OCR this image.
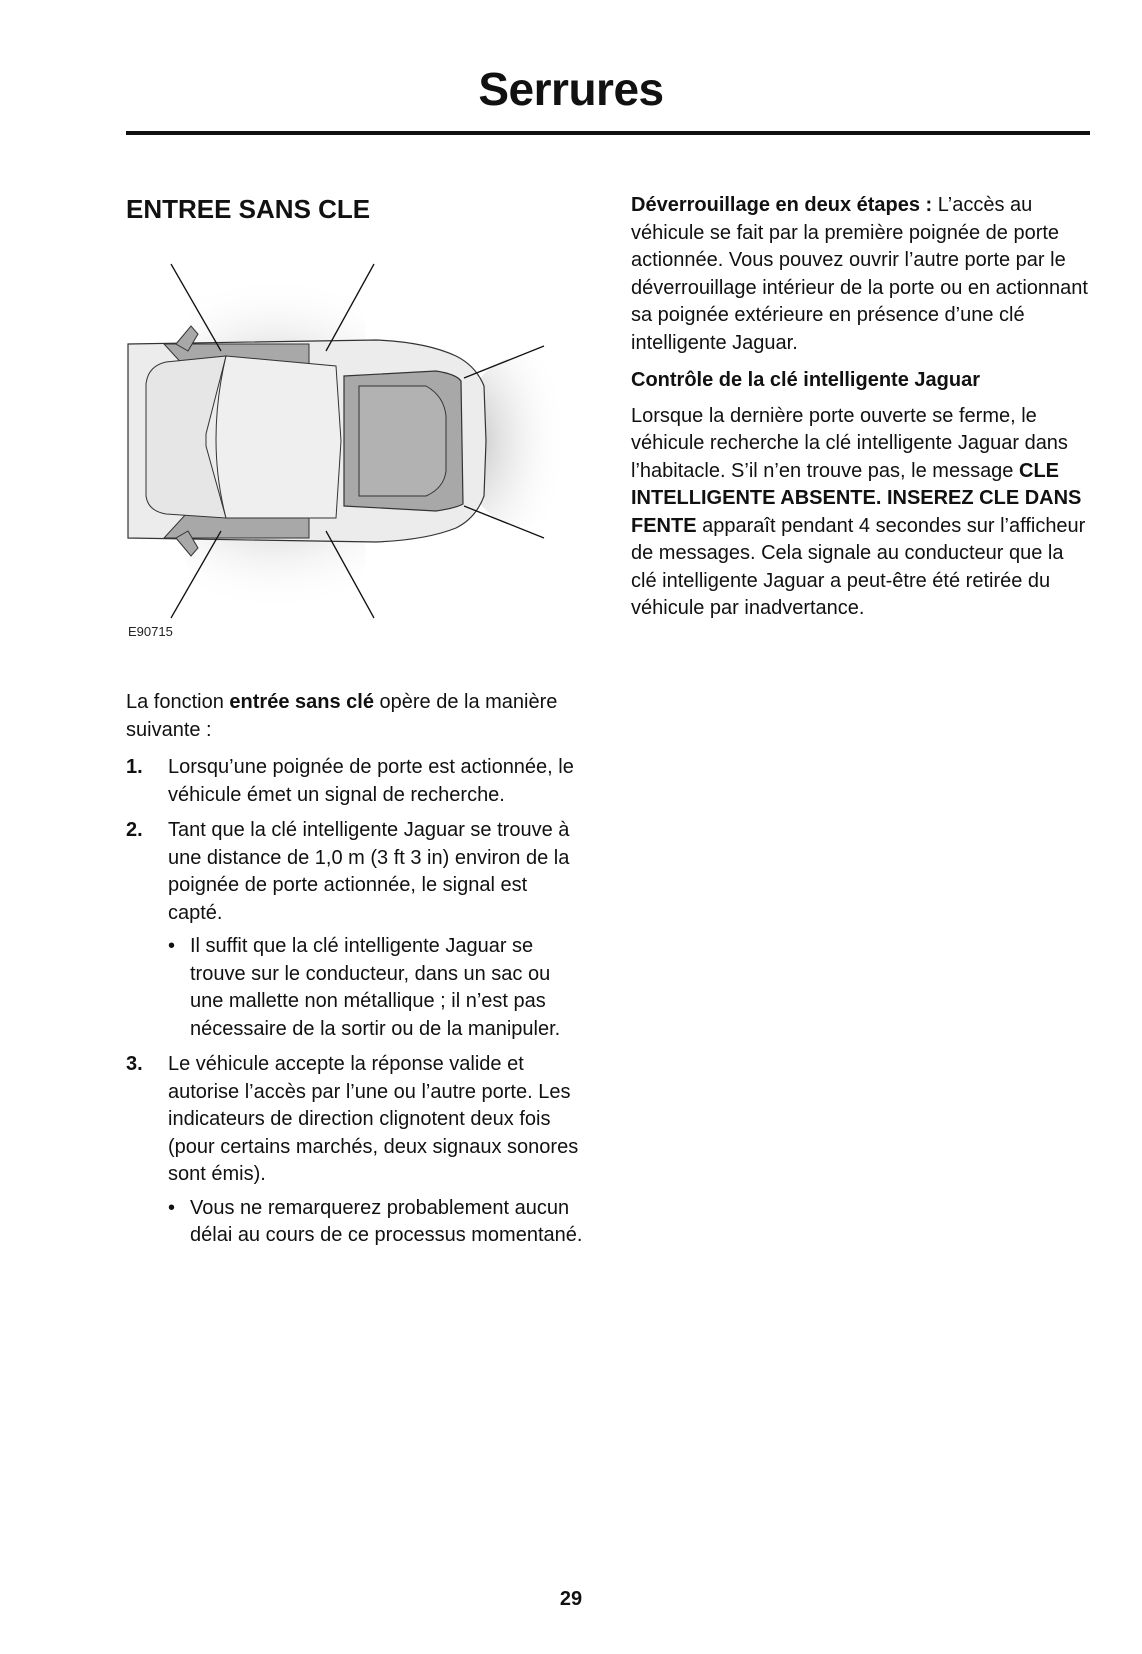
Serrures
ENTREE SANS CLE
E90715

La fonction entrée sans clé opère de la manière suivante :

1. Lorsqu’une poignée de porte est actionnée, le véhicule émet un signal de recherche.
2. Tant que la clé intelligente Jaguar se trouve à une distance de 1,0 m (3 ft 3 in) environ de la poignée de porte actionnée, le signal est capté.
• Il suffit que la clé intelligente Jaguar se trouve sur le conducteur, dans un sac ou une mallette non métallique ; il n’est pas nécessaire de la sortir ou de la manipuler.
3. Le véhicule accepte la réponse valide et autorise l’accès par l’une ou l’autre porte. Les indicateurs de direction clignotent deux fois (pour certains marchés, deux signaux sonores sont émis).
• Vous ne remarquerez probablement aucun délai au cours de ce processus momentané.

Déverrouillage en deux étapes : L’accès au véhicule se fait par la première poignée de porte actionnée. Vous pouvez ouvrir l’autre porte par le déverrouillage intérieur de la porte ou en actionnant sa poignée extérieure en présence d’une clé intelligente Jaguar.

Contrôle de la clé intelligente Jaguar

Lorsque la dernière porte ouverte se ferme, le véhicule recherche la clé intelligente Jaguar dans l’habitacle. S’il n’en trouve pas, le message CLE INTELLIGENTE ABSENTE. INSEREZ CLE DANS FENTE apparaît pendant 4 secondes sur l’afficheur de messages. Cela signale au conducteur que la clé intelligente Jaguar a peut-être été retirée du véhicule par inadvertance.

29
